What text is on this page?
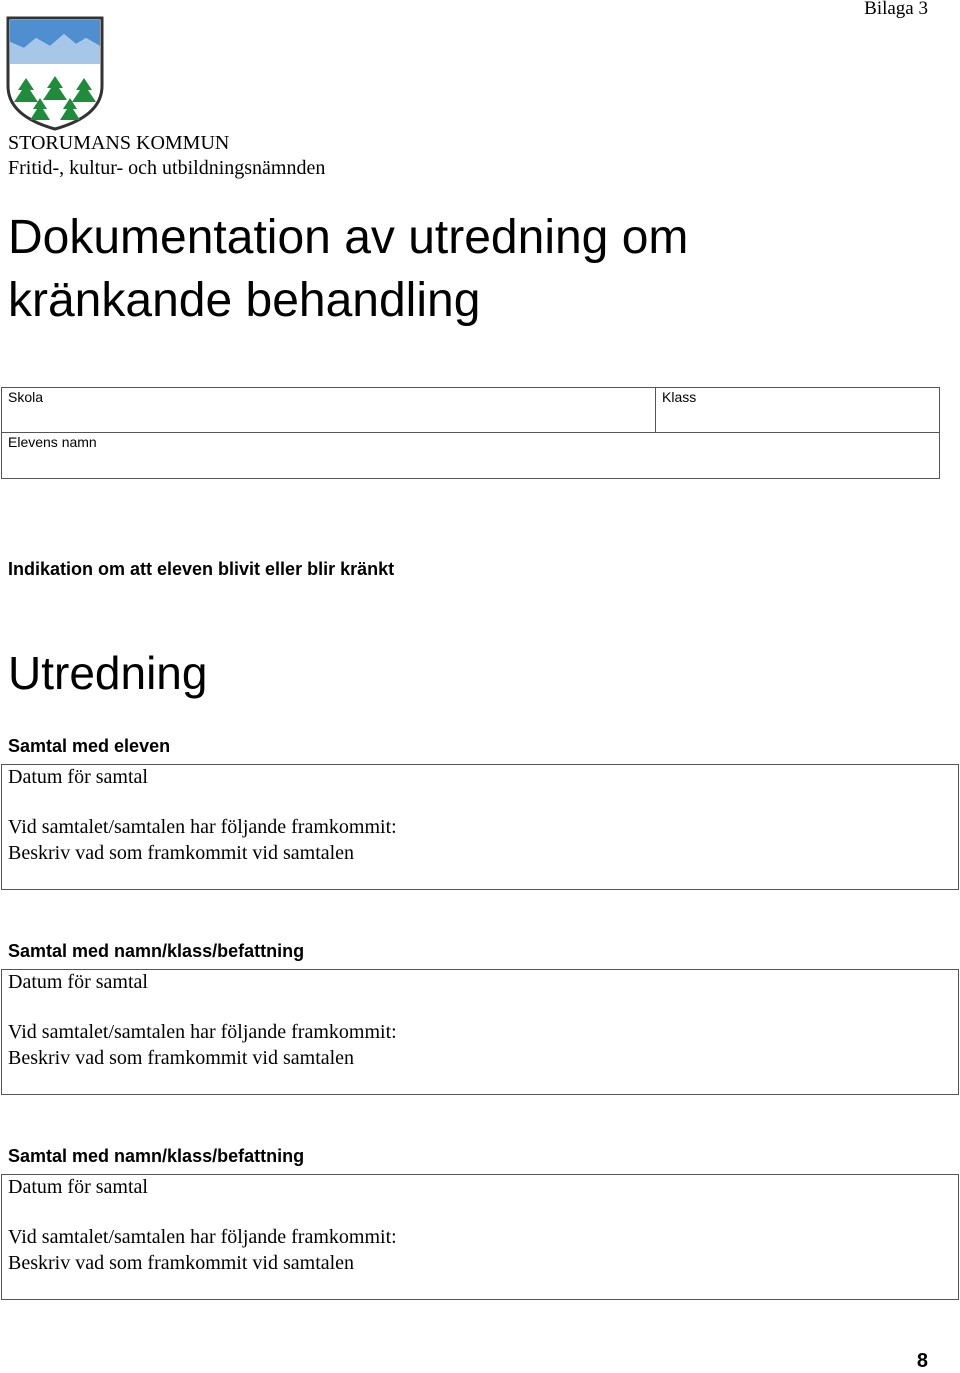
Bilaga 3
STORUMANS KOMMUN
Fritid-, kultur- och utbildningsnämnden
Dokumentation av utredning om
kränkande behandling
Skola	Klass
Elevens namn
Indikation om att eleven blivit eller blir kränkt
Utredning
Samtal med eleven
Datum för samtal
Vid samtalet/samtalen har följande framkommit:
Beskriv vad som framkommit vid samtalen
Samtal med namn/klass/befattning
Datum för samtal
Vid samtalet/samtalen har följande framkommit:
Beskriv vad som framkommit vid samtalen
Samtal med namn/klass/befattning
Datum för samtal
Vid samtalet/samtalen har följande framkommit:
Beskriv vad som framkommit vid samtalen
8
